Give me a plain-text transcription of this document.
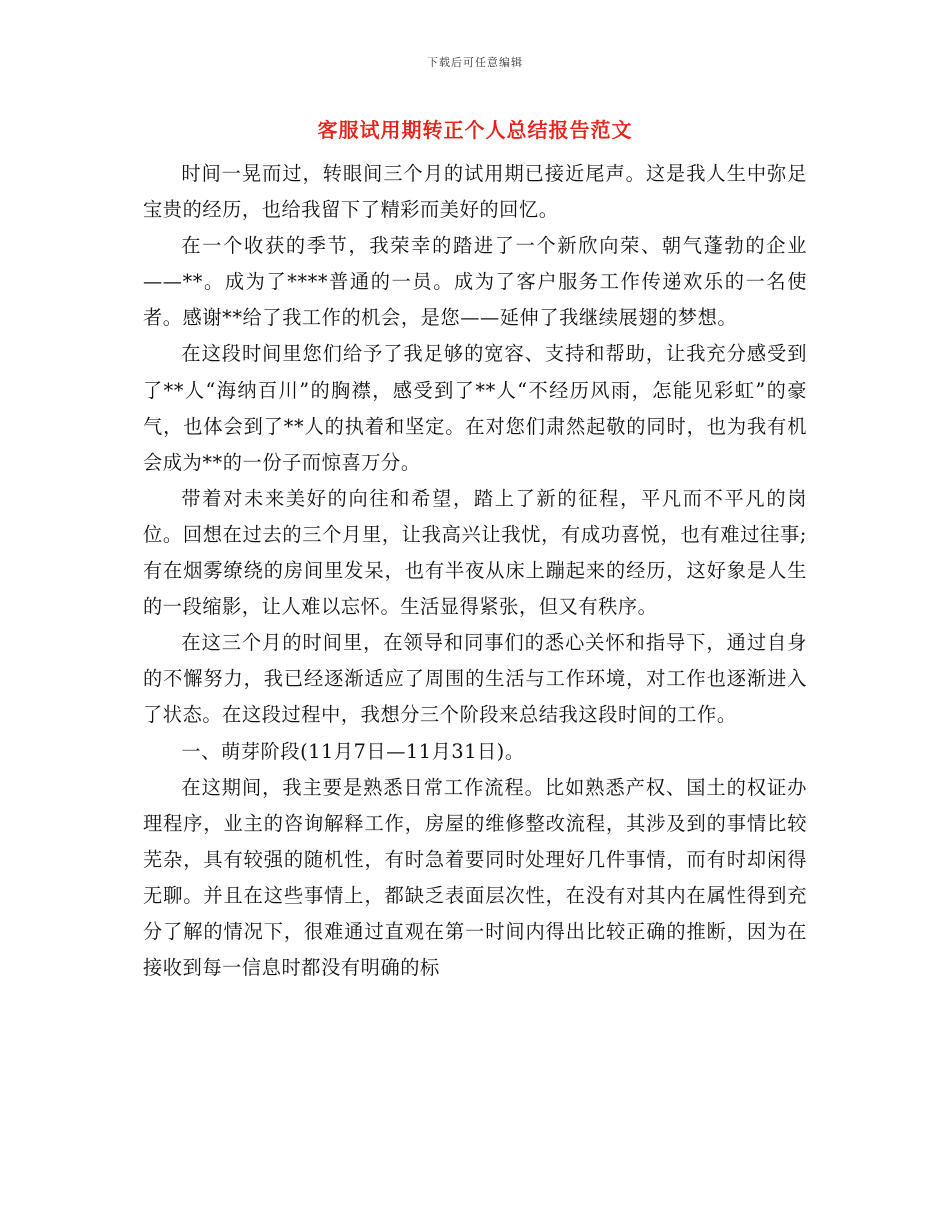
下载后可任意编辑
客服试用期转正个人总结报告范文

时间一晃而过，转眼间三个月的试用期已接近尾声。这是我人生中弥足宝贵的经历，也给我留下了精彩而美好的回忆。

在一个收获的季节，我荣幸的踏进了一个新欣向荣、朝气蓬勃的企业——**。成为了****普通的一员。成为了客户服务工作传递欢乐的一名使者。感谢**给了我工作的机会，是您——延伸了我继续展翅的梦想。

在这段时间里您们给予了我足够的宽容、支持和帮助，让我充分感受到了**人“海纳百川”的胸襟，感受到了**人“不经历风雨，怎能见彩虹”的豪气，也体会到了**人的执着和坚定。在对您们肃然起敬的同时，也为我有机会成为**的一份子而惊喜万分。

带着对未来美好的向往和希望，踏上了新的征程，平凡而不平凡的岗位。回想在过去的三个月里，让我高兴让我忧，有成功喜悦，也有难过往事;有在烟雾缭绕的房间里发呆，也有半夜从床上蹦起来的经历，这好象是人生的一段缩影，让人难以忘怀。生活显得紧张，但又有秩序。

在这三个月的时间里，在领导和同事们的悉心关怀和指导下，通过自身的不懈努力，我已经逐渐适应了周围的生活与工作环境，对工作也逐渐进入了状态。在这段过程中，我想分三个阶段来总结我这段时间的工作。

一、萌芽阶段(11月7日—11月31日)。

在这期间，我主要是熟悉日常工作流程。比如熟悉产权、国土的权证办理程序，业主的咨询解释工作，房屋的维修整改流程，其涉及到的事情比较芜杂，具有较强的随机性，有时急着要同时处理好几件事情，而有时却闲得无聊。并且在这些事情上，都缺乏表面层次性，在没有对其内在属性得到充分了解的情况下，很难通过直观在第一时间内得出比较正确的推断，因为在接收到每一信息时都没有明确的标
